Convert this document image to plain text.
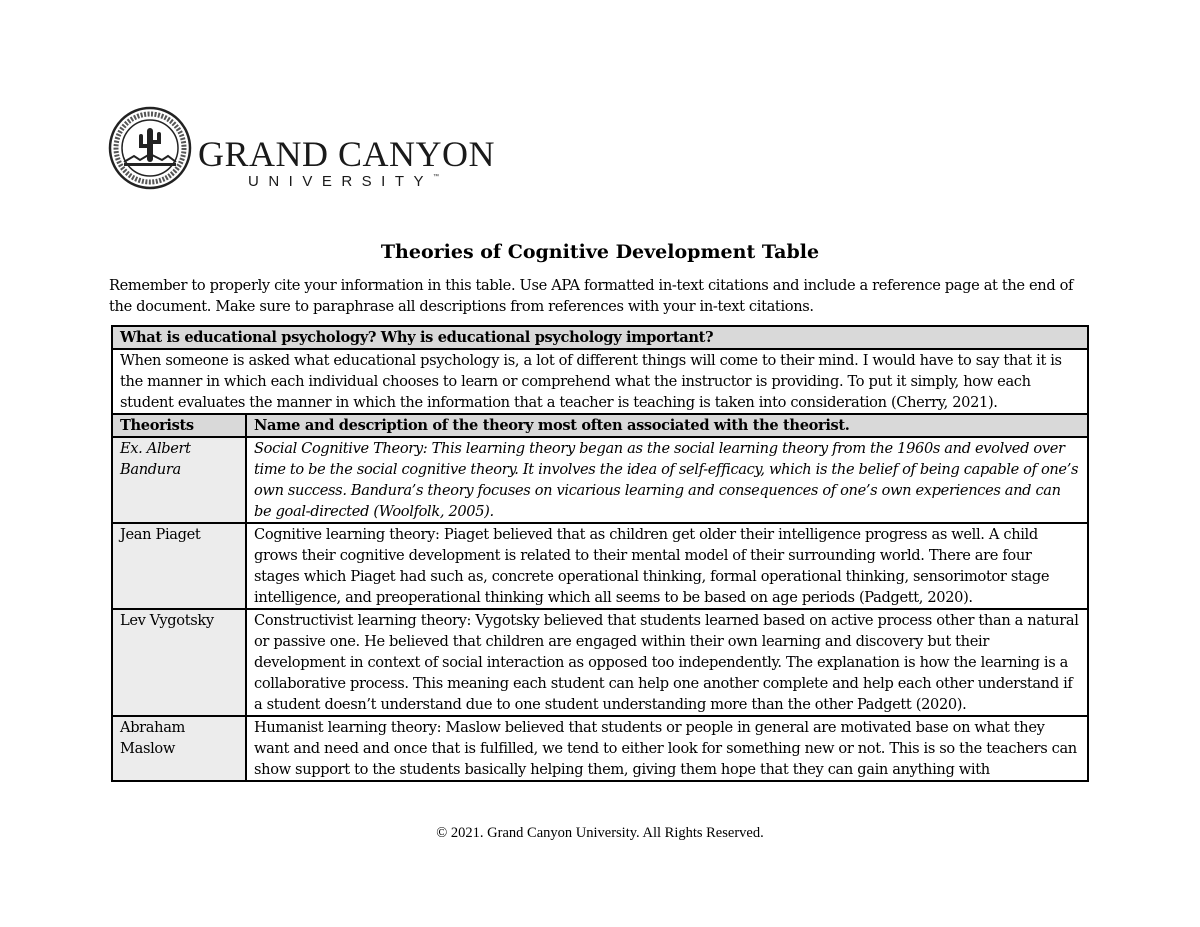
GRAND CANYON
UNIVERSITY™
Theories of Cognitive Development Table
Remember to properly cite your information in this table. Use APA formatted in-text citations and include a reference page at the end of the document. Make sure to paraphrase all descriptions from references with your in-text citations.
What is educational psychology? Why is educational psychology important?	
When someone is asked what educational psychology is, a lot of different things will come to their mind. I would have to say that it is the manner in which each individual chooses to learn or comprehend what the instructor is providing. To put it simply, how each student evaluates the manner in which the information that a teacher is teaching is taken into consideration (Cherry, 2021).	
Theorists	Name and description of the theory most often associated with the theorist.
Ex. Albert Bandura	Social Cognitive Theory: This learning theory began as the social learning theory from the 1960s and evolved over time to be the social cognitive theory. It involves the idea of self-efficacy, which is the belief of being capable of one’s own success. Bandura’s theory focuses on vicarious learning and consequences of one’s own experiences and can be goal-directed (Woolfolk, 2005).
Jean Piaget	Cognitive learning theory: Piaget believed that as children get older their intelligence progress as well. A child grows their cognitive development is related to their mental model of their surrounding world. There are four stages which Piaget had such as, concrete operational thinking, formal operational thinking, sensorimotor stage intelligence, and preoperational thinking which all seems to be based on age periods (Padgett, 2020).
Lev Vygotsky	Constructivist learning theory: Vygotsky believed that students learned based on active process other than a natural or passive one. He believed that children are engaged within their own learning and discovery but their development in context of social interaction as opposed too independently. The explanation is how the learning is a collaborative process. This meaning each student can help one another complete and help each other understand if a student doesn’t understand due to one student understanding more than the other Padgett (2020).
Abraham Maslow	Humanist learning theory: Maslow believed that students or people in general are motivated base on what they want and need and once that is fulfilled, we tend to either look for something new or not. This is so the teachers can show support to the students basically helping them, giving them hope that they can gain anything with
© 2021. Grand Canyon University. All Rights Reserved.
